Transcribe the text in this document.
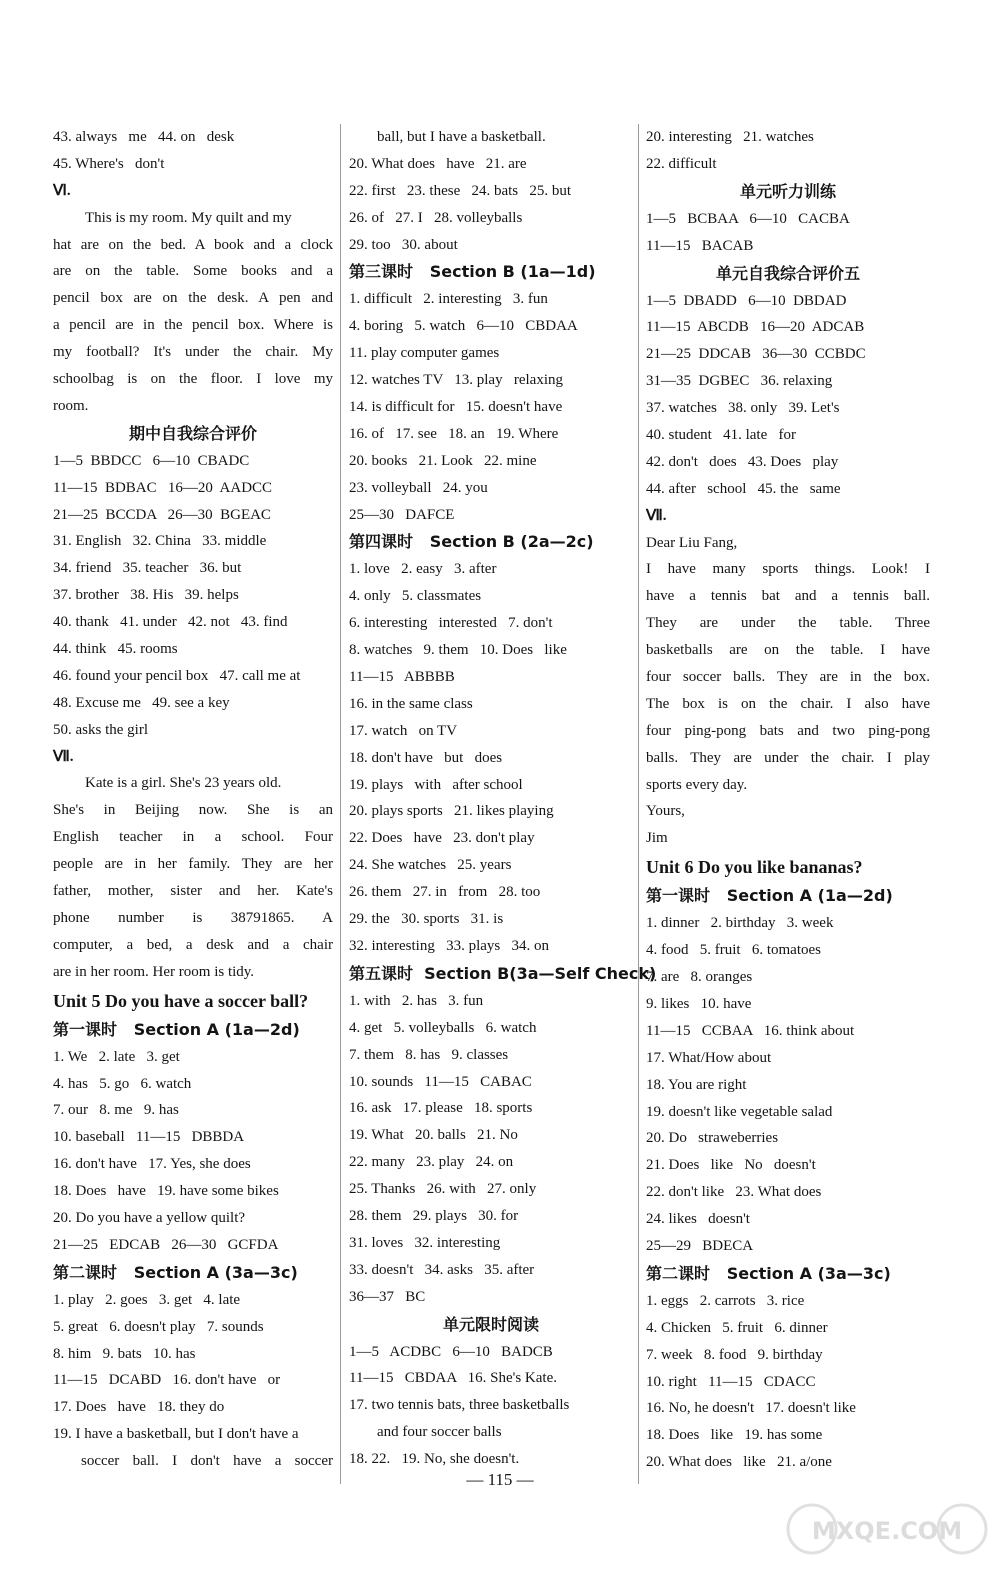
43. always   me   44. on   desk
45. Where's   don't
Ⅵ.
This is my room. My quilt and my
hat are on the bed. A book and a clock
are on the table. Some books and a
pencil box are on the desk. A pen and
a pencil are in the pencil box. Where is
my football? It's under the chair. My
schoolbag is on the floor. I love my
room.
期中自我综合评价
1—5  BBDCC   6—10  CBADC
11—15  BDBAC   16—20  AADCC
21—25  BCCDA   26—30  BGEAC
31. English   32. China   33. middle
34. friend   35. teacher   36. but
37. brother   38. His   39. helps
40. thank   41. under   42. not   43. find
44. think   45. rooms
46. found your pencil box   47. call me at
48. Excuse me   49. see a key
50. asks the girl
Ⅶ.
Kate is a girl. She's 23 years old.
She's in Beijing now. She is an
English teacher in a school. Four
people are in her family. They are her
father, mother, sister and her. Kate's
phone number is 38791865. A
computer, a bed, a desk and a chair
are in her room. Her room is tidy.
Unit 5 Do you have a soccer ball?
第一课时   Section A (1a—2d)
1. We   2. late   3. get
4. has   5. go   6. watch
7. our   8. me   9. has
10. baseball   11—15   DBBDA
16. don't have   17. Yes, she does
18. Does   have   19. have some bikes
20. Do you have a yellow quilt?
21—25   EDCAB   26—30   GCFDA
第二课时   Section A (3a—3c)
1. play   2. goes   3. get   4. late
5. great   6. doesn't play   7. sounds
8. him   9. bats   10. has
11—15   DCABD   16. don't have   or
17. Does   have   18. they do
19. I have a basketball, but I don't have a
soccer ball. I don't have a soccer
ball, but I have a basketball.
20. What does   have   21. are
22. first   23. these   24. bats   25. but
26. of   27. I   28. volleyballs
29. too   30. about
第三课时   Section B (1a—1d)
1. difficult   2. interesting   3. fun
4. boring   5. watch   6—10   CBDAA
11. play computer games
12. watches TV   13. play   relaxing
14. is difficult for   15. doesn't have
16. of   17. see   18. an   19. Where
20. books   21. Look   22. mine
23. volleyball   24. you
25—30   DAFCE
第四课时   Section B (2a—2c)
1. love   2. easy   3. after
4. only   5. classmates
6. interesting   interested   7. don't
8. watches   9. them   10. Does   like
11—15   ABBBB
16. in the same class
17. watch   on TV
18. don't have   but   does
19. plays   with   after school
20. plays sports   21. likes playing
22. Does   have   23. don't play
24. She watches   25. years
26. them   27. in   from   28. too
29. the   30. sports   31. is
32. interesting   33. plays   34. on
第五课时  Section B(3a—Self Check)
1. with   2. has   3. fun
4. get   5. volleyballs   6. watch
7. them   8. has   9. classes
10. sounds   11—15   CABAC
16. ask   17. please   18. sports
19. What   20. balls   21. No
22. many   23. play   24. on
25. Thanks   26. with   27. only
28. them   29. plays   30. for
31. loves   32. interesting
33. doesn't   34. asks   35. after
36—37   BC
单元限时阅读
1—5   ACDBC   6—10   BADCB
11—15   CBDAA   16. She's Kate.
17. two tennis bats, three basketballs
and four soccer balls
18. 22.   19. No, she doesn't.
20. interesting   21. watches
22. difficult
单元听力训练
1—5   BCBAA   6—10   CACBA
11—15   BACAB
单元自我综合评价五
1—5  DBADD   6—10  DBDAD
11—15  ABCDB   16—20  ADCAB
21—25  DDCAB   36—30  CCBDC
31—35  DGBEC   36. relaxing
37. watches   38. only   39. Let's
40. student   41. late   for
42. don't   does   43. Does   play
44. after   school   45. the   same
Ⅶ.
Dear Liu Fang,
I have many sports things. Look! I
have a tennis bat and a tennis ball.
They are under the table. Three
basketballs are on the table. I have
four soccer balls. They are in the box.
The box is on the chair. I also have
four ping-pong bats and two ping-pong
balls. They are under the chair. I play
sports every day.
Yours,
Jim
Unit 6 Do you like bananas?
第一课时   Section A (1a—2d)
1. dinner   2. birthday   3. week
4. food   5. fruit   6. tomatoes
7. are   8. oranges
9. likes   10. have
11—15   CCBAA   16. think about
17. What/How about
18. You are right
19. doesn't like vegetable salad
20. Do   straweberries
21. Does   like   No   doesn't
22. don't like   23. What does
24. likes   doesn't
25—29   BDECA
第二课时   Section A (3a—3c)
1. eggs   2. carrots   3. rice
4. Chicken   5. fruit   6. dinner
7. week   8. food   9. birthday
10. right   11—15   CDACC
16. No, he doesn't   17. doesn't like
18. Does   like   19. has some
20. What does   like   21. a/one
— 115 —
MXQE.COM
